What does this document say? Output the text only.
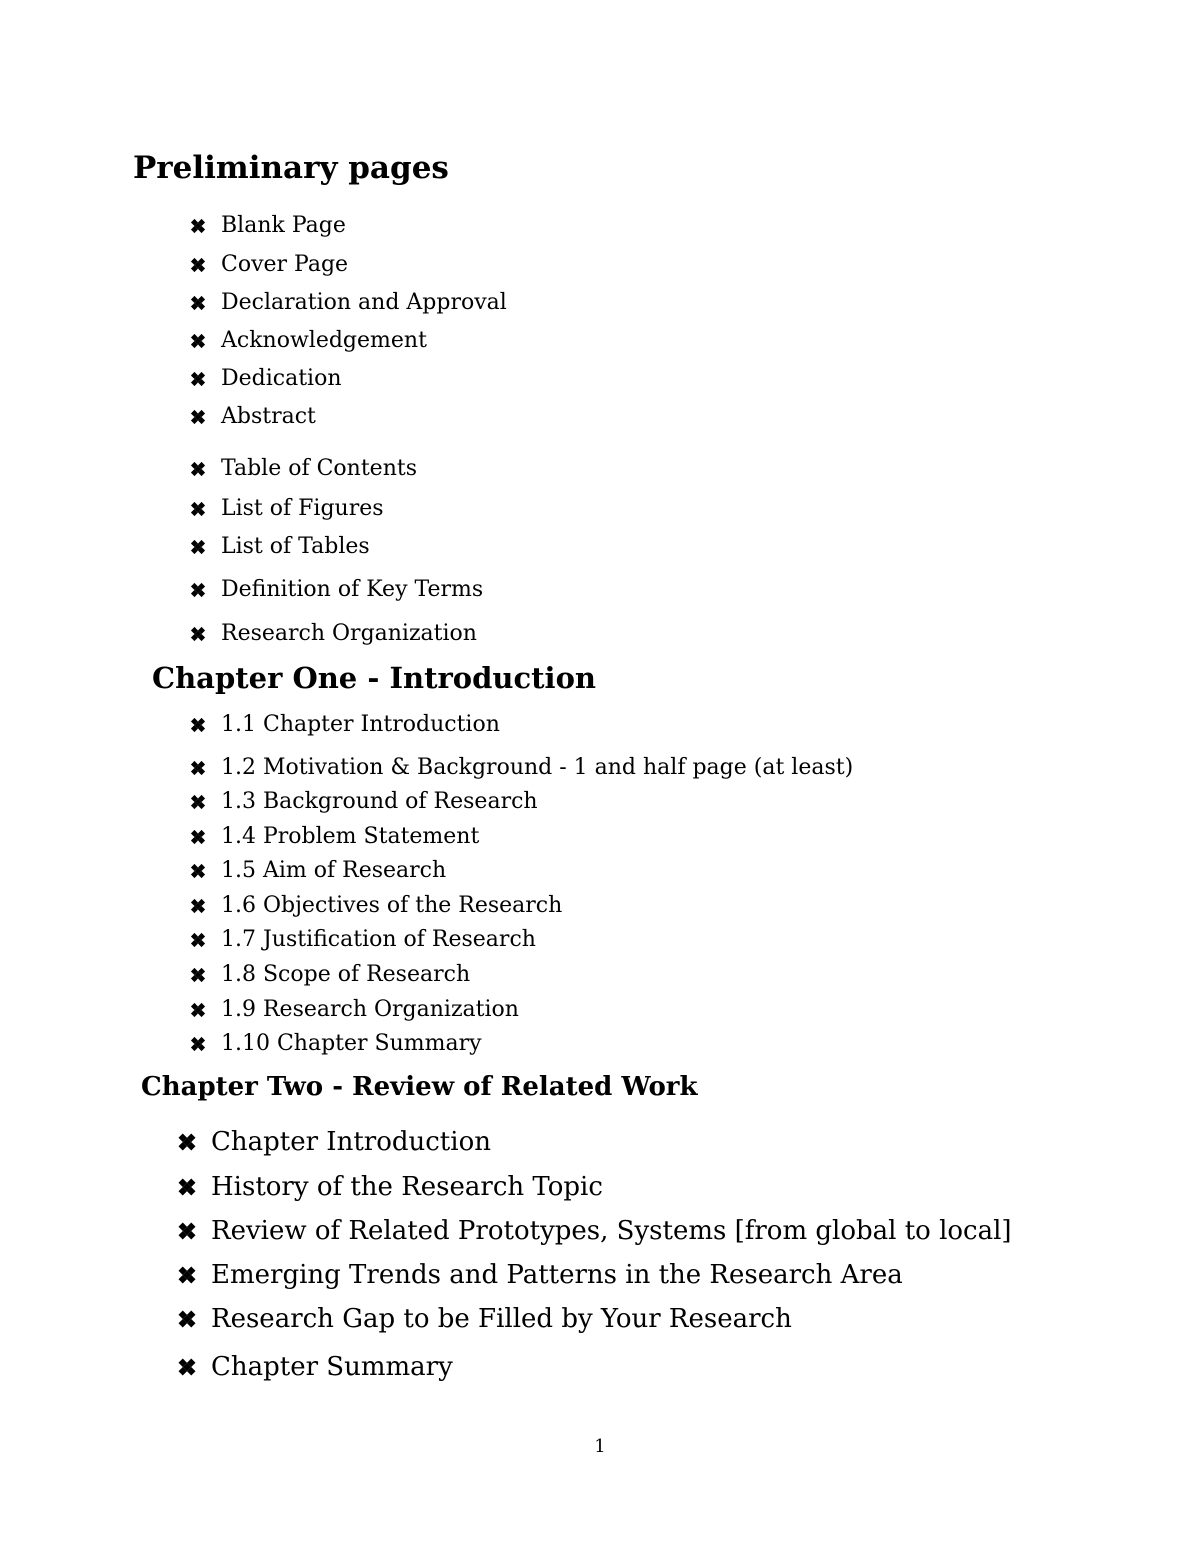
Preliminary pages
Blank Page
Cover Page
Declaration and Approval
Acknowledgement
Dedication
Abstract
Table of Contents
List of Figures
List of Tables
Definition of Key Terms
Research Organization
Chapter One - Introduction
1.1 Chapter Introduction
1.2 Motivation & Background - 1 and half page (at least)
1.3 Background of Research
1.4 Problem Statement
1.5 Aim of Research
1.6 Objectives of the Research
1.7 Justification of Research
1.8 Scope of Research
1.9 Research Organization
1.10 Chapter Summary
Chapter Two - Review of Related Work
Chapter Introduction
History of the Research Topic
Review of Related Prototypes, Systems [from global to local]
Emerging Trends and Patterns in the Research Area
Research Gap to be Filled by Your Research
Chapter Summary
1
